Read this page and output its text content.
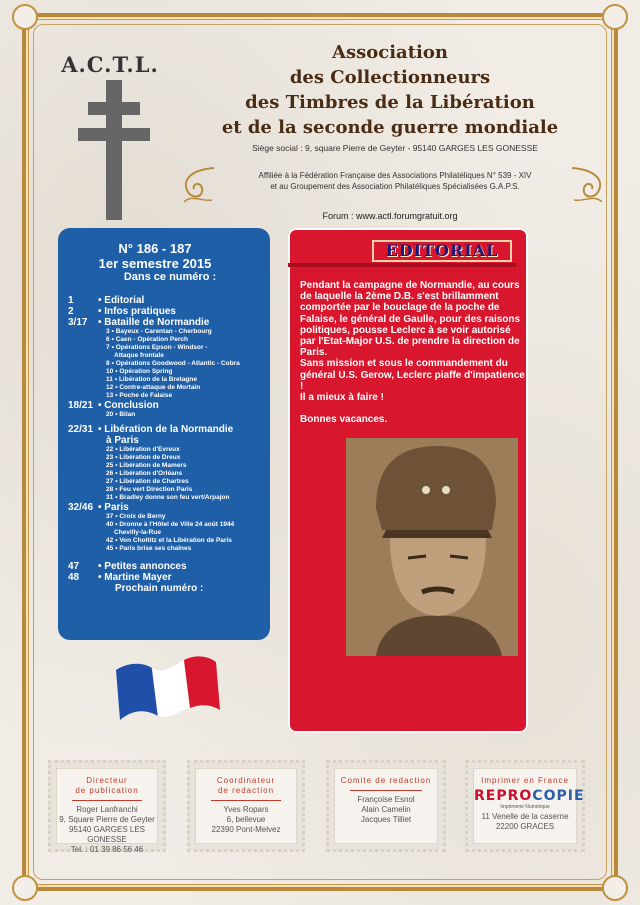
A.C.T.L.	Association
des Collectionneurs
des Timbres de la Libération
et de la seconde guerre mondiale
Siège social : 9, square Pierre de Geyter - 95140 GARGES LES GONESSE
Affiliée à la Fédération Française des Associations Philatéliques N° 539 - XIV
et au Groupement des Association Philatéliques Spécialisées G.A.P.S.
Forum : www.actl.forumgratuit.org
N° 186 - 187
1er semestre 2015
Dans ce numéro :
1	• Editorial
2	• Infos pratiques
3/17	• Bataille de Normandie
3 • Bayeux - Carentan - Cherbourg
6 • Caen - Opération Perch
7 • Opérations Epson - Windsor -
Attaque frontale
8 • Opérations Goodwood - Atlantic - Cobra
10 • Opération Spring
11 • Libération de la Bretagne
12 • Contre-attaque de Mortain
13 • Poche de Falaise
18/21 • Conclusion
20 • Bilan
22/31 • Libération de la Normandie
à Paris
22 • Libération d'Evreux
23 • Libération de Dreux
25 • Libération de Mamers
26 • Libération d'Orléans
27 • Libération de Chartres
28 • Feu vert Direction Paris
31 • Bradley donne son feu vert/Arpajon
32/46 • Paris
37 • Croix de Berny
40 • Dronne à l'Hôtel de Ville 24 août 1944
Chevilly-la-Rue
42 • Von Choltitz et la Libération de Paris
45 • Paris brise ses chaînes
47	• Petites annonces
48	• Martine Mayer
Prochain numéro :
EDITORIAL

Pendant la campagne de Normandie, au cours de laquelle la 2ème D.B. s'est brillamment comportée par le bouclage de la poche de Falaise, le général de Gaulle, pour des raisons politiques, pousse Leclerc à se voir autorisé par l'Etat-Major U.S. de prendre la direction de Paris.

Sans mission et sous le commandement du général U.S. Gerow, Leclerc piaffe d'impatience !

Il a mieux à faire !

Bonnes vacances.

Directeur
de publication
Roger Lanfranchi
9, Square Pierre de Geyter
95140 GARGES LES GONESSE
Tel. : 01 39 86 56 46
Coordinateur
de redaction
Yves Ropars
6, bellevue
22390 Pont-Melvez
Comite de redaction
Françoise Esnol
Alain Camelin
Jacques Tilliet
Imprimer en France
REPROCOPIE
Imprimerie Numérique
11 Venelle de la caserne
22200 GRACES
